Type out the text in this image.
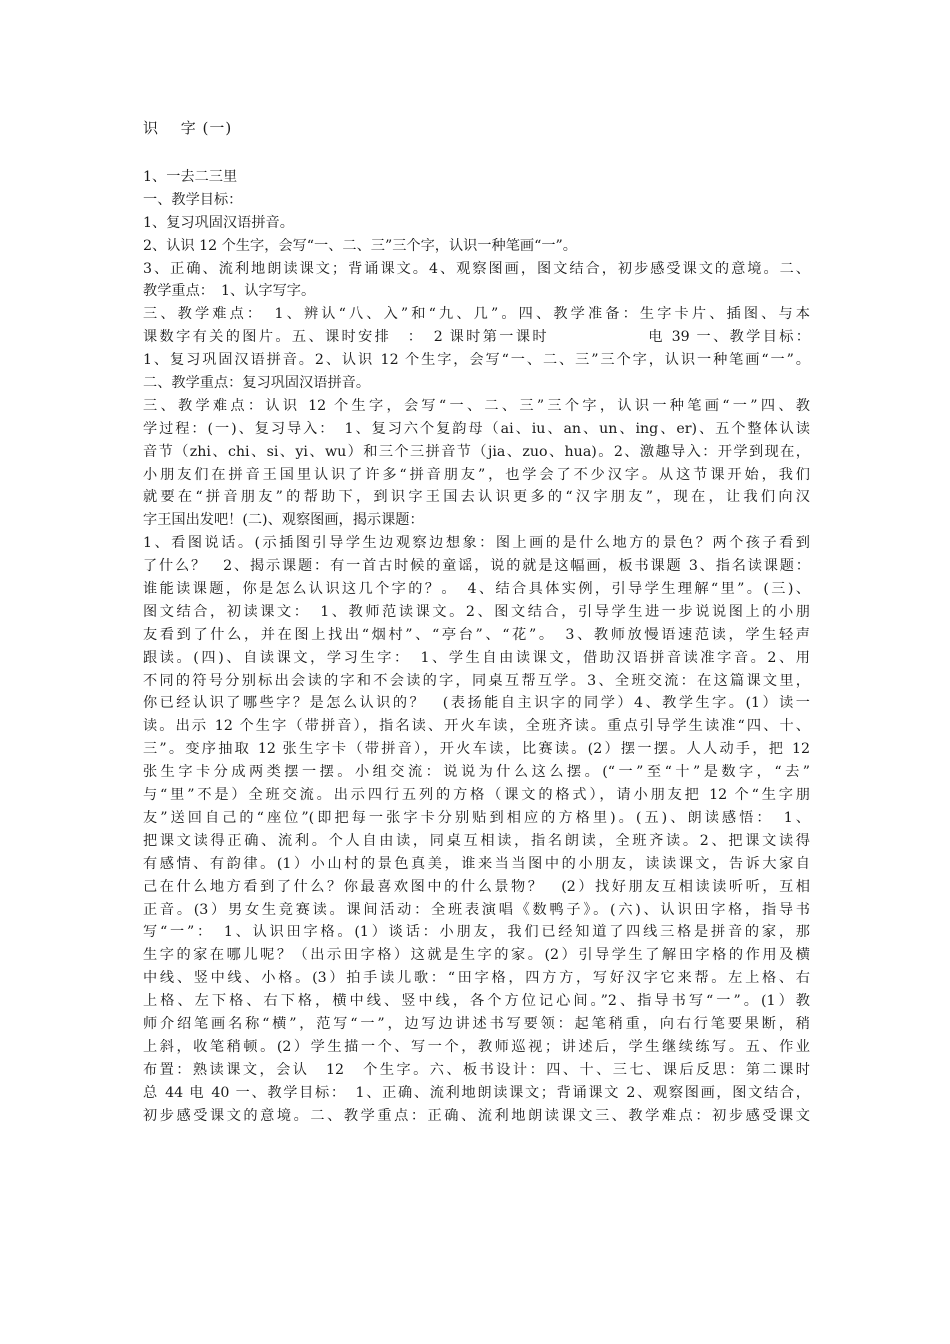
识　 字 (一)
1、一去二三里
一、教学目标：
1、复习巩固汉语拼音。
2、认识 12 个生字，会写“一、二、三”三个字，认识一种笔画“一”。
3、正确、流利地朗读课文；背诵课文。4、观察图画，图文结合，初步感受课文的意境。二、
教学重点：　1、认字写字。
三、教学难点：　1、辨认“八、入”和“九、几”。四、教学准备：生字卡片、插图、与本
课数字有关的图片。五、课时安排　：　2 课时第一课时　　　　　　电 39 一、教学目标：
1、复习巩固汉语拼音。2、认识 12 个生字，会写“一、二、三”三个字，认识一种笔画“一”。
二、教学重点：复习巩固汉语拼音。
三、教学难点：认识 12 个生字，会写“一、二、三”三个字，认识一种笔画“一”四、教
学过程：(一)、复习导入：　1、复习六个复韵母（ai、iu、an、un、ing、er)、五个整体认读
音节（zhi、chi、si、yi、wu）和三个三拼音节（jia、zuo、hua)。2、激趣导入：开学到现在，
小朋友们在拼音王国里认识了许多“拼音朋友”，也学会了不少汉字。从这节课开始，我们
就要在“拼音朋友”的帮助下，到识字王国去认识更多的“汉字朋友”，现在，让我们向汉
字王国出发吧！(二)、观察图画，揭示课题：
1、看图说话。(示插图引导学生边观察边想象：图上画的是什么地方的景色？两个孩子看到
了什么？　2、揭示课题：有一首古时候的童谣，说的就是这幅画，板书课题 3、指名读课题：
谁能读课题，你是怎么认识这几个字的？。　4、结合具体实例，引导学生理解“里”。(三)、
图文结合，初读课文：　1、教师范读课文。2、图文结合，引导学生进一步说说图上的小朋
友看到了什么，并在图上找出“烟村”、“亭台”、“花”。　3、教师放慢语速范读，学生轻声
跟读。(四)、自读课文，学习生字：　1、学生自由读课文，借助汉语拼音读准字音。2、用
不同的符号分别标出会读的字和不会读的字，同桌互帮互学。3、全班交流：在这篇课文里，
你已经认识了哪些字？是怎么认识的？　(表扬能自主识字的同学）4、教学生字。(1）读一
读。出示 12 个生字（带拼音），指名读、开火车读，全班齐读。重点引导学生读准“四、十、
三”。变序抽取 12 张生字卡（带拼音），开火车读，比赛读。(2）摆一摆。人人动手，把 12
张生字卡分成两类摆一摆。小组交流：说说为什么这么摆。(“一”至“十”是数字，“去”
与“里”不是）全班交流。出示四行五列的方格（课文的格式），请小朋友把 12 个“生字朋
友”送回自己的“座位”(即把每一张字卡分别贴到相应的方格里)。(五)、朗读感悟：　1、
把课文读得正确、流利。个人自由读，同桌互相读，指名朗读，全班齐读。2、把课文读得
有感情、有韵律。(1）小山村的景色真美，谁来当当图中的小朋友，读读课文，告诉大家自
己在什么地方看到了什么？你最喜欢图中的什么景物？　(2）找好朋友互相读读听听，互相
正音。(3）男女生竞赛读。课间活动：全班表演唱《数鸭子》。(六)、认识田字格，指导书
写“一”：　1、认识田字格。(1）谈话：小朋友，我们已经知道了四线三格是拼音的家，那
生字的家在哪儿呢？（出示田字格）这就是生字的家。(2）引导学生了解田字格的作用及横
中线、竖中线、小格。(3）拍手读儿歌：“田字格，四方方，写好汉字它来帮。左上格、右
上格、左下格、右下格，横中线、竖中线，各个方位记心间。”2、指导书写“一”。(1）教
师介绍笔画名称“横”，范写“一”，边写边讲述书写要领：起笔稍重，向右行笔要果断，稍
上斜，收笔稍顿。(2）学生描一个、写一个，教师巡视；讲述后，学生继续练写。五、作业
布置：熟读课文，会认　12　个生字。六、板书设计：四、十、三七、课后反思：第二课时
总 44 电 40 一、教学目标：　1、正确、流利地朗读课文；背诵课文 2、观察图画，图文结合，
初步感受课文的意境。二、教学重点：正确、流利地朗读课文三、教学难点：初步感受课文
